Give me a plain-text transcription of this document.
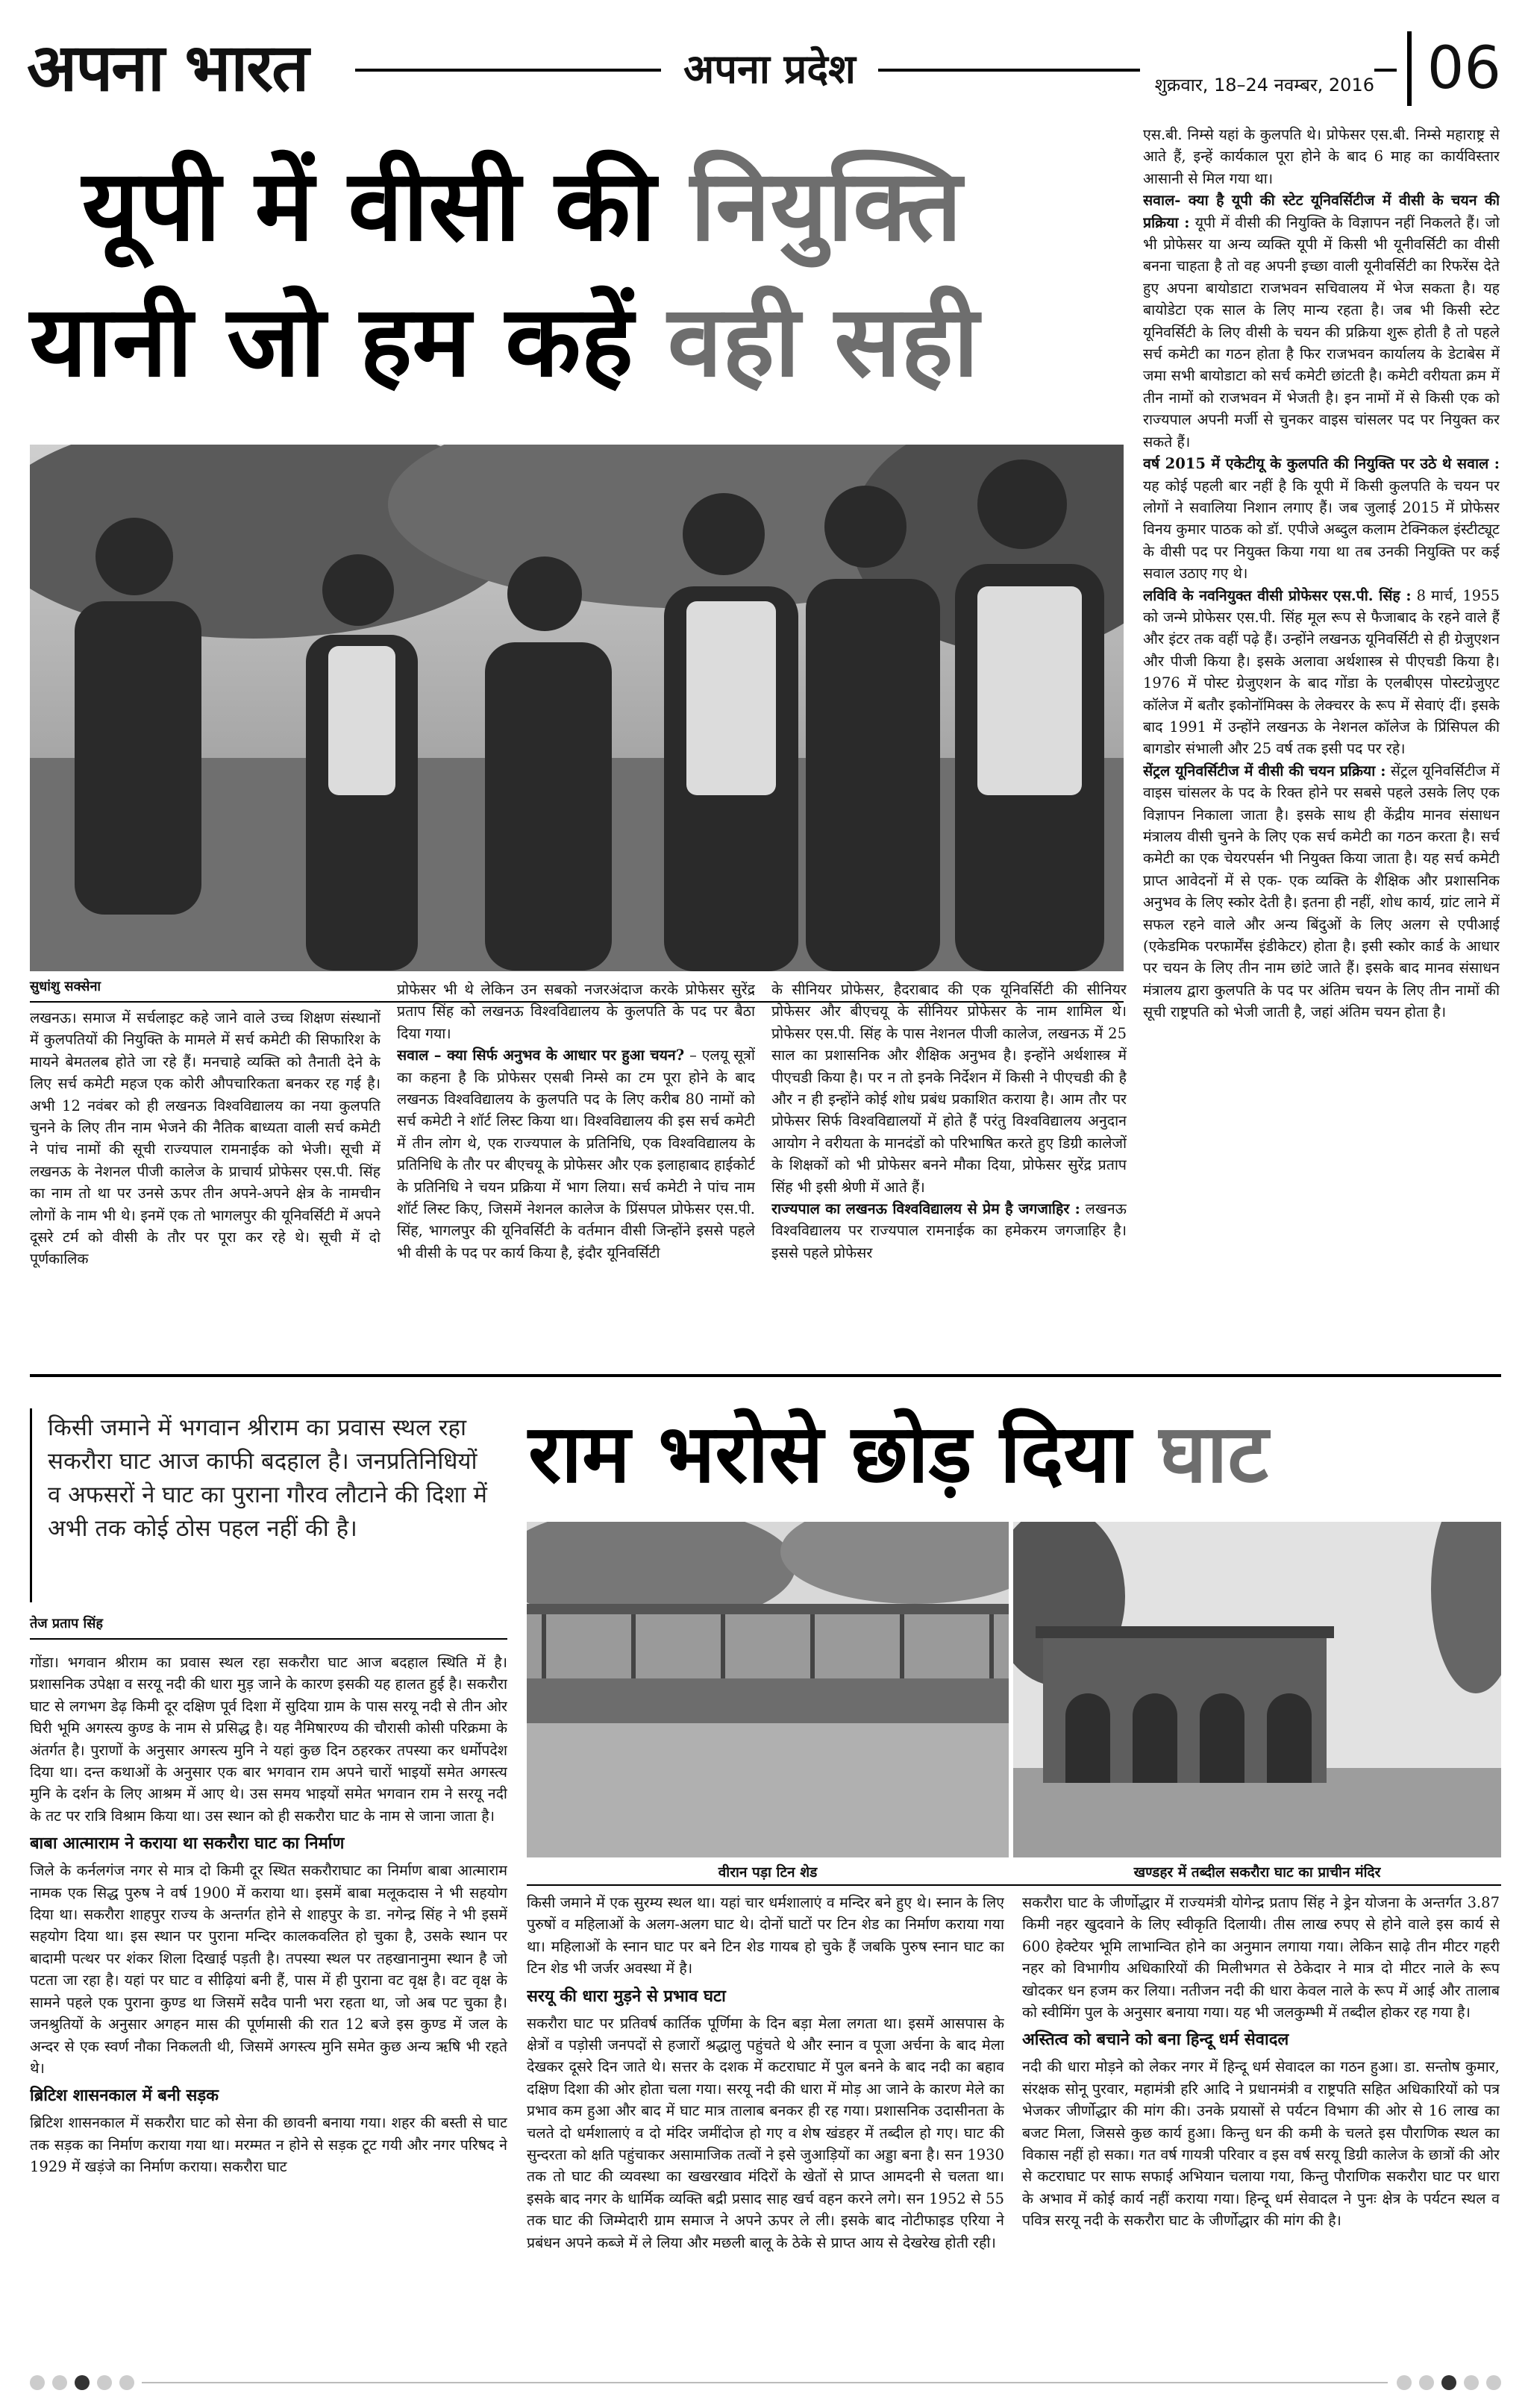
अपना भारत	अपना प्रदेश	शुक्रवार, 18–24 नवम्बर, 2016 06
यूपी में वीसी की नियुक्ति
यानी जो हम कहें वही सही
सुधांशु सक्सेना

लखनऊ। समाज में सर्चलाइट कहे जाने वाले उच्च शिक्षण संस्थानों में कुलपतियों की नियुक्ति के मामले में सर्च कमेटी की सिफारिश के मायने बेमतलब होते जा रहे हैं। मनचाहे व्यक्ति को तैनाती देने के लिए सर्च कमेटी महज एक कोरी औपचारिकता बनकर रह गई है। अभी 12 नवंबर को ही लखनऊ विश्वविद्यालय का नया कुलपति चुनने के लिए तीन नाम भेजने की नैतिक बाध्यता वाली सर्च कमेटी ने पांच नामों की सूची राज्यपाल रामनाईक को भेजी। सूची में लखनऊ के नेशनल पीजी कालेज के प्राचार्य प्रोफेसर एस.पी. सिंह का नाम तो था पर उनसे ऊपर तीन अपने-अपने क्षेत्र के नामचीन लोगों के नाम भी थे। इनमें एक तो भागलपुर की यूनिवर्सिटी में अपने दूसरे टर्म को वीसी के तौर पर पूरा कर रहे थे। सूची में दो पूर्णकालिक

प्रोफेसर भी थे लेकिन उन सबको नजरअंदाज करके प्रोफेसर सुरेंद्र प्रताप सिंह को लखनऊ विश्वविद्यालय के कुलपति के पद पर बैठा दिया गया।

सवाल – क्या सिर्फ अनुभव के आधार पर हुआ चयन? – एलयू सूत्रों का कहना है कि प्रोफेसर एसबी निम्से का टम पूरा होने के बाद लखनऊ विश्वविद्यालय के कुलपति पद के लिए करीब 80 नामों को सर्च कमेटी ने शॉर्ट लिस्ट किया था। विश्वविद्यालय की इस सर्च कमेटी में तीन लोग थे, एक राज्यपाल के प्रतिनिधि, एक विश्वविद्यालय के प्रतिनिधि के तौर पर बीएचयू के प्रोफेसर और एक इलाहाबाद हाईकोर्ट के प्रतिनिधि ने चयन प्रक्रिया में भाग लिया। सर्च कमेटी ने पांच नाम शॉर्ट लिस्ट किए, जिसमें नेशनल कालेज के प्रिंसपल प्रोफेसर एस.पी. सिंह, भागलपुर की यूनिवर्सिटी के वर्तमान वीसी जिन्होंने इससे पहले भी वीसी के पद पर कार्य किया है, इंदौर यूनिवर्सिटी

के सीनियर प्रोफेसर, हैदराबाद की एक यूनिवर्सिटी की सीनियर प्रोफेसर और बीएचयू के सीनियर प्रोफेसर के नाम शामिल थे। प्रोफेसर एस.पी. सिंह के पास नेशनल पीजी कालेज, लखनऊ में 25 साल का प्रशासनिक और शैक्षिक अनुभव है। इन्होंने अर्थशास्त्र में पीएचडी किया है। पर न तो इनके निर्देशन में किसी ने पीएचडी की है और न ही इन्होंने कोई शोध प्रबंध प्रकाशित कराया है। आम तौर पर प्रोफेसर सिर्फ विश्वविद्यालयों में होते हैं परंतु विश्वविद्यालय अनुदान आयोग ने वरीयता के मानदंडों को परिभाषित करते हुए डिग्री कालेजों के शिक्षकों को भी प्रोफेसर बनने मौका दिया, प्रोफेसर सुरेंद्र प्रताप सिंह भी इसी श्रेणी में आते हैं।

राज्यपाल का लखनऊ विश्वविद्यालय से प्रेम है जगजाहिर : लखनऊ विश्वविद्यालय पर राज्यपाल रामनाईक का हमेकरम जगजाहिर है। इससे पहले प्रोफेसर

एस.बी. निम्से यहां के कुलपति थे। प्रोफेसर एस.बी. निम्से महाराष्ट्र से आते हैं, इन्हें कार्यकाल पूरा होने के बाद 6 माह का कार्यविस्तार आसानी से मिल गया था।

सवाल- क्या है यूपी की स्टेट यूनिवर्सिटीज में वीसी के चयन की प्रक्रिया : यूपी में वीसी की नियुक्ति के विज्ञापन नहीं निकलते हैं। जो भी प्रोफेसर या अन्य व्यक्ति यूपी में किसी भी यूनीवर्सिटी का वीसी बनना चाहता है तो वह अपनी इच्छा वाली यूनीवर्सिटी का रिफरेंस देते हुए अपना बायोडाटा राजभवन सचिवालय में भेज सकता है। यह बायोडेटा एक साल के लिए मान्य रहता है। जब भी किसी स्टेट यूनिवर्सिटी के लिए वीसी के चयन की प्रक्रिया शुरू होती है तो पहले सर्च कमेटी का गठन होता है फिर राजभवन कार्यालय के डेटाबेस में जमा सभी बायोडाटा को सर्च कमेटी छांटती है। कमेटी वरीयता क्रम में तीन नामों को राजभवन में भेजती है। इन नामों में से किसी एक को राज्यपाल अपनी मर्जी से चुनकर वाइस चांसलर पद पर नियुक्त कर सकते हैं।

वर्ष 2015 में एकेटीयू के कुलपति की नियुक्ति पर उठे थे सवाल : यह कोई पहली बार नहीं है कि यूपी में किसी कुलपति के चयन पर लोगों ने सवालिया निशान लगाए हैं। जब जुलाई 2015 में प्रोफेसर विनय कुमार पाठक को डॉ. एपीजे अब्दुल कलाम टेक्निकल इंस्टीट्यूट के वीसी पद पर नियुक्त किया गया था तब उनकी नियुक्ति पर कई सवाल उठाए गए थे।

लविवि के नवनियुक्त वीसी प्रोफेसर एस.पी. सिंह : 8 मार्च, 1955 को जन्मे प्रोफेसर एस.पी. सिंह मूल रूप से फैजाबाद के रहने वाले हैं और इंटर तक वहीं पढ़े हैं। उन्होंने लखनऊ यूनिवर्सिटी से ही ग्रेजुएशन और पीजी किया है। इसके अलावा अर्थशास्त्र से पीएचडी किया है। 1976 में पोस्ट ग्रेजुएशन के बाद गोंडा के एलबीएस पोस्टग्रेजुएट कॉलेज में बतौर इकोनॉमिक्स के लेक्चरर के रूप में सेवाएं दीं। इसके बाद 1991 में उन्होंने लखनऊ के नेशनल कॉलेज के प्रिंसिपल की बागडोर संभाली और 25 वर्ष तक इसी पद पर रहे।

सेंट्रल यूनिवर्सिटीज में वीसी की चयन प्रक्रिया : सेंट्रल यूनिवर्सिटीज में वाइस चांसलर के पद के रिक्त होने पर सबसे पहले उसके लिए एक विज्ञापन निकाला जाता है। इसके साथ ही केंद्रीय मानव संसाधन मंत्रालय वीसी चुनने के लिए एक सर्च कमेटी का गठन करता है। सर्च कमेटी का एक चेयरपर्सन भी नियुक्त किया जाता है। यह सर्च कमेटी प्राप्त आवेदनों में से एक- एक व्यक्ति के शैक्षिक और प्रशासनिक अनुभव के लिए स्कोर देती है। इतना ही नहीं, शोध कार्य, ग्रांट लाने में सफल रहने वाले और अन्य बिंदुओं के लिए अलग से एपीआई (एकेडमिक परफार्मेंस इंडीकेटर) होता है। इसी स्कोर कार्ड के आधार पर चयन के लिए तीन नाम छांटे जाते हैं। इसके बाद मानव संसाधन मंत्रालय द्वारा कुलपति के पद पर अंतिम चयन के लिए तीन नामों की सूची राष्ट्रपति को भेजी जाती है, जहां अंतिम चयन होता है।

किसी जमाने में भगवान श्रीराम का प्रवास स्थल रहा सकरौरा घाट आज काफी बदहाल है। जनप्रतिनिधियों व अफसरों ने घाट का पुराना गौरव लौटाने की दिशा में अभी तक कोई ठोस पहल नहीं की है।
राम भरोसे छोड़ दिया घाट
तेज प्रताप सिंह
वीरान पड़ा टिन शेड	खण्डहर में तब्दील सकरौरा घाट का प्राचीन मंदिर

गोंडा। भगवान श्रीराम का प्रवास स्थल रहा सकरौरा घाट आज बदहाल स्थिति में है। प्रशासनिक उपेक्षा व सरयू नदी की धारा मुड़ जाने के कारण इसकी यह हालत हुई है। सकरौरा घाट से लगभग डेढ़ किमी दूर दक्षिण पूर्व दिशा में सुदिया ग्राम के पास सरयू नदी से तीन ओर घिरी भूमि अगस्त्य कुण्ड के नाम से प्रसिद्ध है। यह नैमिषारण्य की चौरासी कोसी परिक्रमा के अंतर्गत है। पुराणों के अनुसार अगस्त्य मुनि ने यहां कुछ दिन ठहरकर तपस्या कर धर्मोपदेश दिया था। दन्त कथाओं के अनुसार एक बार भगवान राम अपने चारों भाइयों समेत अगस्त्य मुनि के दर्शन के लिए आश्रम में आए थे। उस समय भाइयों समेत भगवान राम ने सरयू नदी के तट पर रात्रि विश्राम किया था। उस स्थान को ही सकरौरा घाट के नाम से जाना जाता है।

बाबा आत्माराम ने कराया था सकरौरा घाट का निर्माण

जिले के कर्नलगंज नगर से मात्र दो किमी दूर स्थित सकरौराघाट का निर्माण बाबा आत्माराम नामक एक सिद्ध पुरुष ने वर्ष 1900 में कराया था। इसमें बाबा मलूकदास ने भी सहयोग दिया था। सकरौरा शाहपुर राज्य के अन्तर्गत होने से शाहपुर के डा. नगेन्द्र सिंह ने भी इसमें सहयोग दिया था। इस स्थान पर पुराना मन्दिर कालकवलित हो चुका है, उसके स्थान पर बादामी पत्थर पर शंकर शिला दिखाई पड़ती है। तपस्या स्थल पर तहखानानुमा स्थान है जो पटता जा रहा है। यहां पर घाट व सीढ़ियां बनी हैं, पास में ही पुराना वट वृक्ष है। वट वृक्ष के सामने पहले एक पुराना कुण्ड था जिसमें सदैव पानी भरा रहता था, जो अब पट चुका है। जनश्रुतियों के अनुसार अगहन मास की पूर्णमासी की रात 12 बजे इस कुण्ड में जल के अन्दर से एक स्वर्ण नौका निकलती थी, जिसमें अगस्त्य मुनि समेत कुछ अन्य ऋषि भी रहते थे।

ब्रिटिश शासनकाल में बनी सड़क

ब्रिटिश शासनकाल में सकरौरा घाट को सेना की छावनी बनाया गया। शहर की बस्ती से घाट तक सड़क का निर्माण कराया गया था। मरम्मत न होने से सड़क टूट गयी और नगर परिषद ने 1929 में खड़ंजे का निर्माण कराया। सकरौरा घाट

किसी जमाने में एक सुरम्य स्थल था। यहां चार धर्मशालाएं व मन्दिर बने हुए थे। स्नान के लिए पुरुषों व महिलाओं के अलग-अलग घाट थे। दोनों घाटों पर टिन शेड का निर्माण कराया गया था। महिलाओं के स्नान घाट पर बने टिन शेड गायब हो चुके हैं जबकि पुरुष स्नान घाट का टिन शेड भी जर्जर अवस्था में है।

सरयू की धारा मुड़ने से प्रभाव घटा

सकरौरा घाट पर प्रतिवर्ष कार्तिक पूर्णिमा के दिन बड़ा मेला लगता था। इसमें आसपास के क्षेत्रों व पड़ोसी जनपदों से हजारों श्रद्धालु पहुंचते थे और स्नान व पूजा अर्चना के बाद मेला देखकर दूसरे दिन जाते थे। सत्तर के दशक में कटराघाट में पुल बनने के बाद नदी का बहाव दक्षिण दिशा की ओर होता चला गया। सरयू नदी की धारा में मोड़ आ जाने के कारण मेले का प्रभाव कम हुआ और बाद में घाट मात्र तालाब बनकर ही रह गया। प्रशासनिक उदासीनता के चलते दो धर्मशालाएं व दो मंदिर जमींदोज हो गए व शेष खंडहर में तब्दील हो गए। घाट की सुन्दरता को क्षति पहुंचाकर असामाजिक तत्वों ने इसे जुआड़ियों का अड्डा बना है। सन 1930 तक तो घाट की व्यवस्था का खखरखाव मंदिरों के खेतों से प्राप्त आमदनी से चलता था। इसके बाद नगर के धार्मिक व्यक्ति बद्री प्रसाद साह खर्च वहन करने लगे। सन 1952 से 55 तक घाट की जिम्मेदारी ग्राम समाज ने अपने ऊपर ले ली। इसके बाद नोटीफाइड एरिया ने प्रबंधन अपने कब्जे में ले लिया और मछली बालू के ठेके से प्राप्त आय से देखरेख होती रही।

सकरौरा घाट के जीर्णोद्धार में राज्यमंत्री योगेन्द्र प्रताप सिंह ने ड्रेन योजना के अन्तर्गत 3.87 किमी नहर खुदवाने के लिए स्वीकृति दिलायी। तीस लाख रुपए से होने वाले इस कार्य से 600 हेक्टेयर भूमि लाभान्वित होने का अनुमान लगाया गया। लेकिन साढ़े तीन मीटर गहरी नहर को विभागीय अधिकारियों की मिलीभगत से ठेकेदार ने मात्र दो मीटर नाले के रूप खोदकर धन हजम कर लिया। नतीजन नदी की धारा केवल नाले के रूप में आई और तालाब को स्वीमिंग पुल के अनुसार बनाया गया। यह भी जलकुम्भी में तब्दील होकर रह गया है।

अस्तित्व को बचाने को बना हिन्दू धर्म सेवादल

नदी की धारा मोड़ने को लेकर नगर में हिन्दू धर्म सेवादल का गठन हुआ। डा. सन्तोष कुमार, संरक्षक सोनू पुरवार, महामंत्री हरि आदि ने प्रधानमंत्री व राष्ट्रपति सहित अधिकारियों को पत्र भेजकर जीर्णोद्धार की मांग की। उनके प्रयासों से पर्यटन विभाग की ओर से 16 लाख का बजट मिला, जिससे कुछ कार्य हुआ। किन्तु धन की कमी के चलते इस पौराणिक स्थल का विकास नहीं हो सका। गत वर्ष गायत्री परिवार व इस वर्ष सरयू डिग्री कालेज के छात्रों की ओर से कटराघाट पर साफ सफाई अभियान चलाया गया, किन्तु पौराणिक सकरौरा घाट पर धारा के अभाव में कोई कार्य नहीं कराया गया। हिन्दू धर्म सेवादल ने पुनः क्षेत्र के पर्यटन स्थल व पवित्र सरयू नदी के सकरौरा घाट के जीर्णोद्धार की मांग की है।
